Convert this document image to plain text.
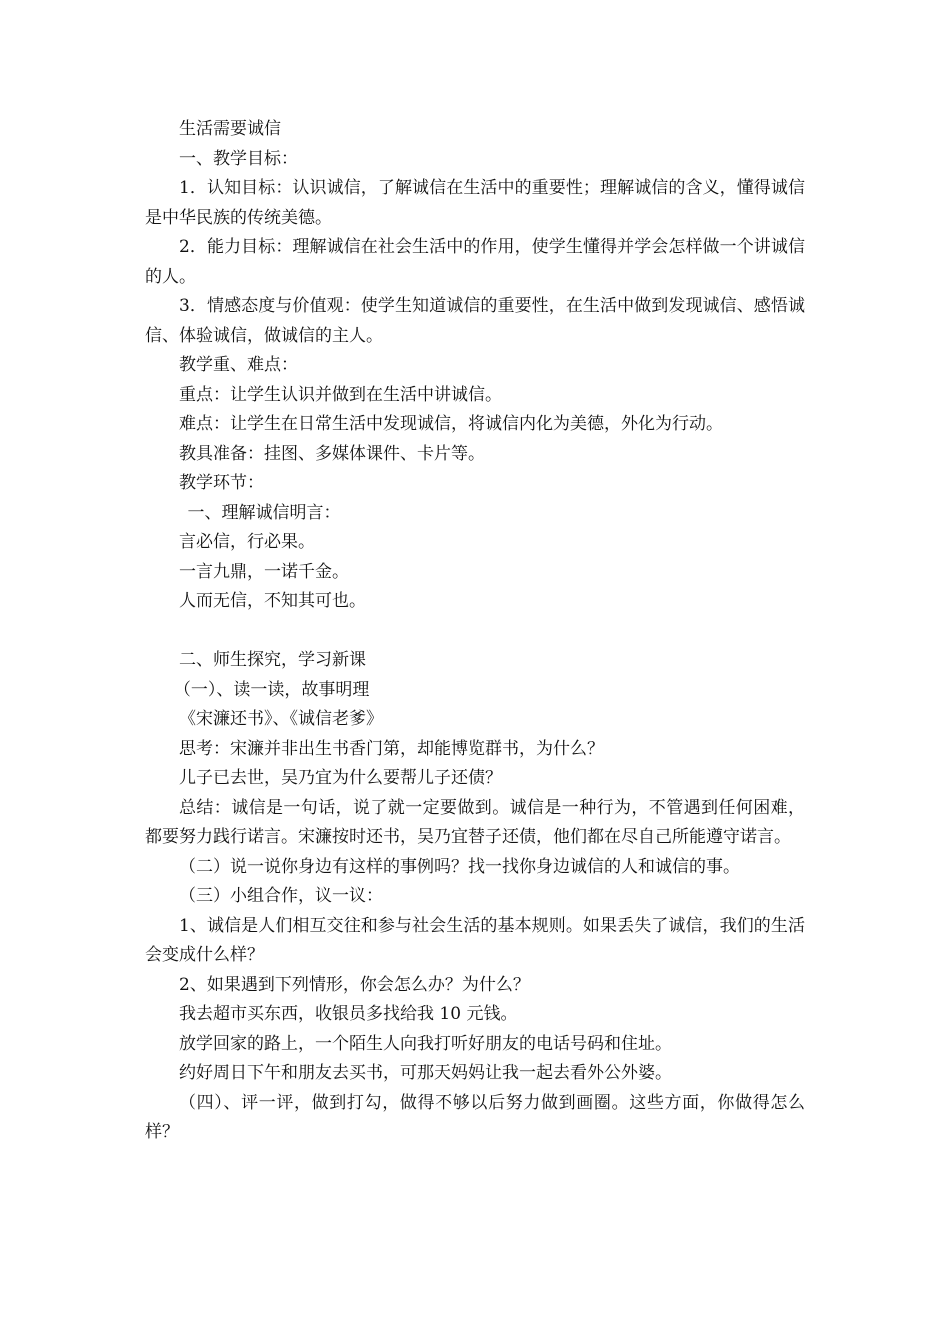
生活需要诚信

一、教学目标：

1．认知目标：认识诚信，了解诚信在生活中的重要性；理解诚信的含义，懂得诚信是中华民族的传统美德。

2．能力目标：理解诚信在社会生活中的作用，使学生懂得并学会怎样做一个讲诚信的人。

3．情感态度与价值观：使学生知道诚信的重要性，在生活中做到发现诚信、感悟诚信、体验诚信，做诚信的主人。

教学重、难点：

重点：让学生认识并做到在生活中讲诚信。

难点：让学生在日常生活中发现诚信，将诚信内化为美德，外化为行动。

教具准备：挂图、多媒体课件、卡片等。

教学环节：

一、理解诚信明言：

言必信，行必果。

一言九鼎，一诺千金。

人而无信，不知其可也。

二、师生探究，学习新课

（一）、读一读，故事明理

《宋濂还书》、《诚信老爹》

思考：宋濂并非出生书香门第，却能博览群书，为什么？

儿子已去世，吴乃宜为什么要帮儿子还债？

总结：诚信是一句话，说了就一定要做到。诚信是一种行为，不管遇到任何困难，都要努力践行诺言。宋濂按时还书，吴乃宜替子还债，他们都在尽自己所能遵守诺言。

（二）说一说你身边有这样的事例吗？找一找你身边诚信的人和诚信的事。

（三）小组合作，议一议：

1、诚信是人们相互交往和参与社会生活的基本规则。如果丢失了诚信，我们的生活会变成什么样？

2、如果遇到下列情形，你会怎么办？为什么？

我去超市买东西，收银员多找给我 10 元钱。

放学回家的路上，一个陌生人向我打听好朋友的电话号码和住址。

约好周日下午和朋友去买书，可那天妈妈让我一起去看外公外婆。

（四）、评一评，做到打勾，做得不够以后努力做到画圈。这些方面，你做得怎么样？
